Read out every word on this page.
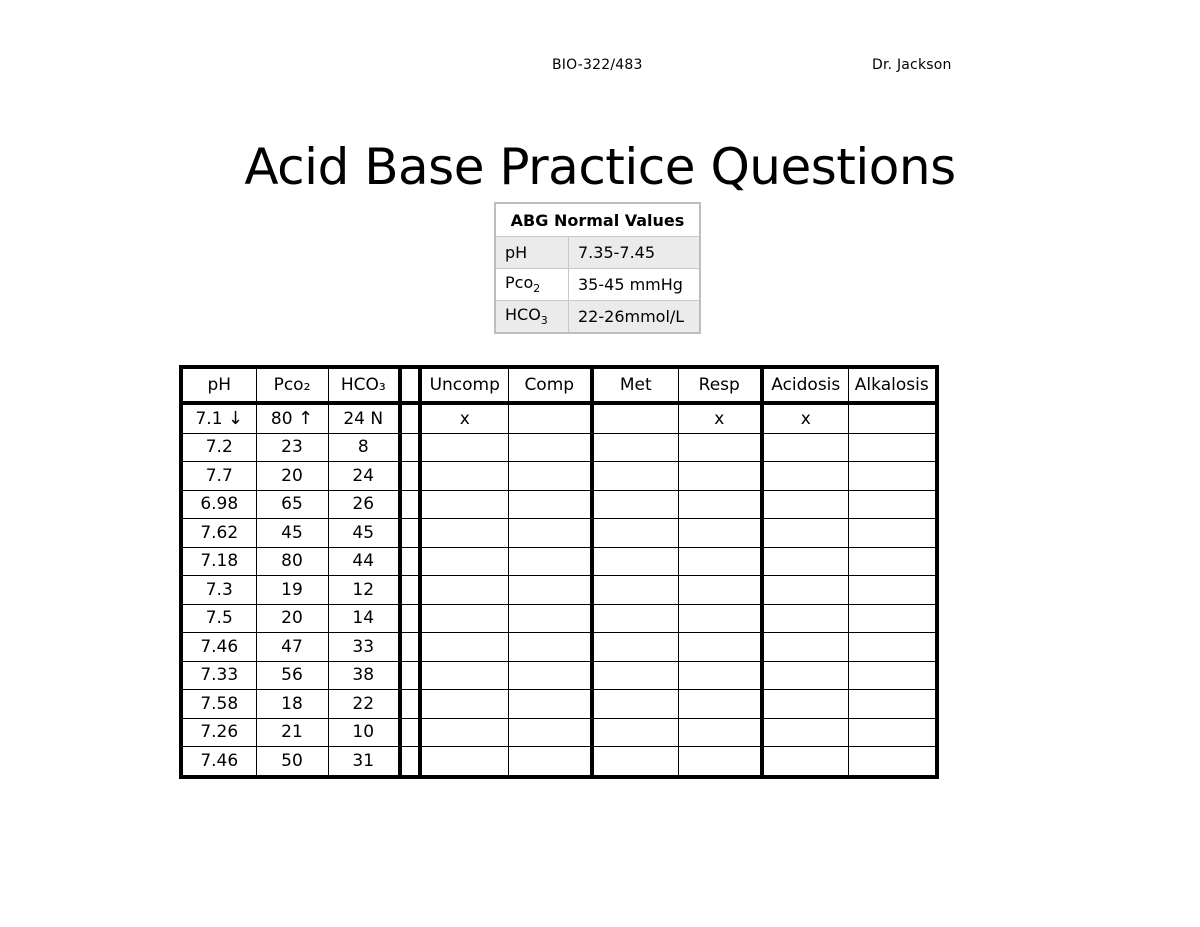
BIO-322/483	Dr. Jackson
Acid Base Practice Questions
ABG Normal Values	
pH	7.35-7.45
Pco$_2$	35-45 mmHg
$HCO_3$	22-26mmol/L
pH	Pco₂	HCO₃		Uncomp	Comp	Met	Resp	Acidosis	Alkalosis
7.1 ↓	80 ↑	24 N		x			x	x	
7.2	23	8							
7.7	20	24							
6.98	65	26							
7.62	45	45							
7.18	80	44							
7.3	19	12							
7.5	20	14							
7.46	47	33							
7.33	56	38							
7.58	18	22							
7.26	21	10							
7.46	50	31							
